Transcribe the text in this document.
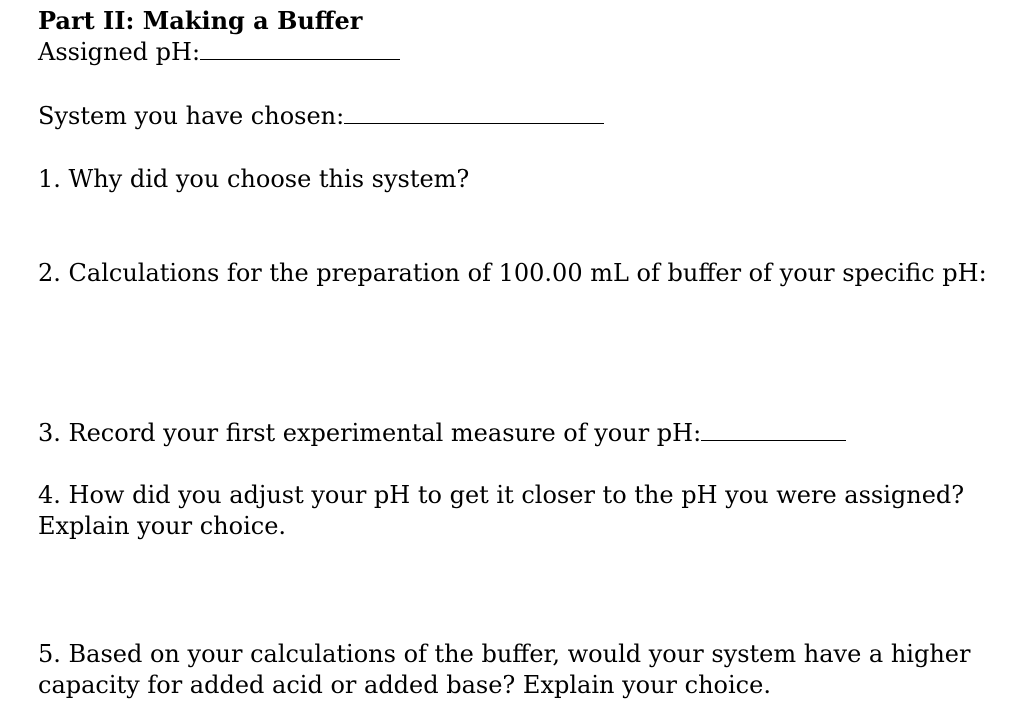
Part II: Making a Buffer
Assigned pH:
System you have chosen:
1. Why did you choose this system?
2. Calculations for the preparation of 100.00 mL of buffer of your specific pH:
3. Record your first experimental measure of your pH:
4. How did you adjust your pH to get it closer to the pH you were assigned? Explain your choice.
5. Based on your calculations of the buffer, would your system have a higher capacity for added acid or added base? Explain your choice.
